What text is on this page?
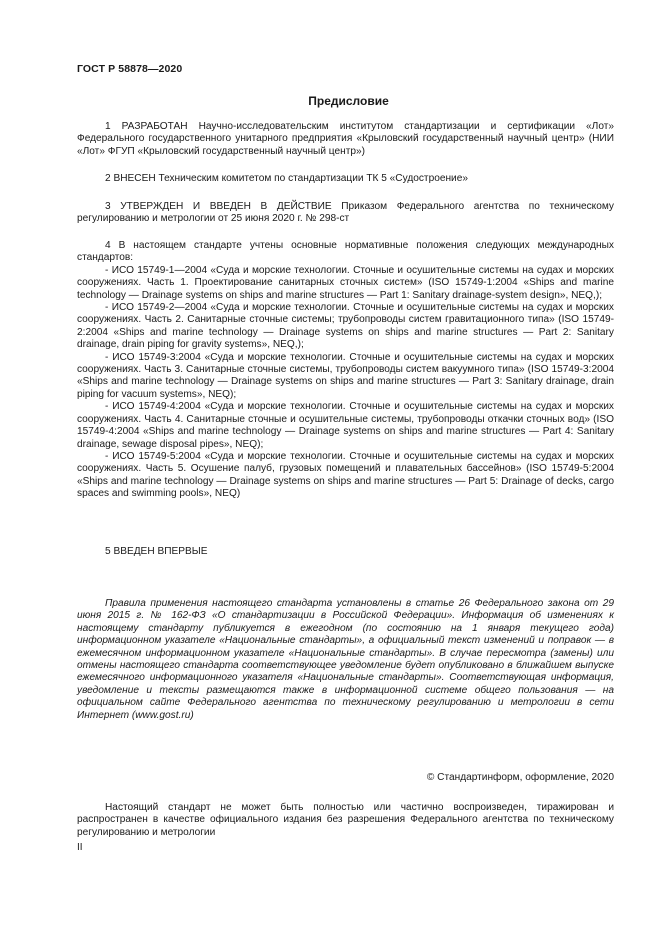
ГОСТ Р 58878—2020
Предисловие

1 РАЗРАБОТАН Научно-исследовательским институтом стандартизации и сертификации «Лот» Федерального государственного унитарного предприятия «Крыловский государственный научный центр» (НИИ «Лот» ФГУП «Крыловский государственный научный центр»)

2 ВНЕСЕН Техническим комитетом по стандартизации ТК 5 «Судостроение»

3 УТВЕРЖДЕН И ВВЕДЕН В ДЕЙСТВИЕ Приказом Федерального агентства по техническому регулированию и метрологии от 25 июня 2020 г. № 298-ст

4 В настоящем стандарте учтены основные нормативные положения следующих международных стандартов:

- ИСО 15749-1—2004 «Суда и морские технологии. Сточные и осушительные системы на судах и морских сооружениях. Часть 1. Проектирование санитарных сточных систем» (ISO 15749-1:2004 «Ships and marine technology — Drainage systems on ships and marine structures — Part 1: Sanitary drainage-system design», NEQ,);

- ИСО 15749-2—2004 «Суда и морские технологии. Сточные и осушительные системы на судах и морских сооружениях. Часть 2. Санитарные сточные системы; трубопроводы систем гравитационного типа» (ISO 15749-2:2004 «Ships and marine technology — Drainage systems on ships and marine structures — Part 2: Sanitary drainage, drain piping for gravity systems», NEQ,);

- ИСО 15749-3:2004 «Суда и морские технологии. Сточные и осушительные системы на судах и морских сооружениях. Часть 3. Санитарные сточные системы, трубопроводы систем вакуумного типа» (ISO 15749-3:2004 «Ships and marine technology — Drainage systems on ships and marine structures — Part 3: Sanitary drainage, drain piping for vacuum systems», NEQ);

- ИСО 15749-4:2004 «Суда и морские технологии. Сточные и осушительные системы на судах и морских сооружениях. Часть 4. Санитарные сточные и осушительные системы, трубопроводы откачки сточных вод» (ISO 15749-4:2004 «Ships and marine technology — Drainage systems on ships and marine structures — Part 4: Sanitary drainage, sewage disposal pipes», NEQ);

- ИСО 15749-5:2004 «Суда и морские технологии. Сточные и осушительные системы на судах и морских сооружениях. Часть 5. Осушение палуб, грузовых помещений и плавательных бассейнов» (ISO 15749-5:2004 «Ships and marine technology — Drainage systems on ships and marine structures — Part 5: Drainage of decks, cargo spaces and swimming pools», NEQ)

5 ВВЕДЕН ВПЕРВЫЕ

Правила применения настоящего стандарта установлены в статье 26 Федерального закона от 29 июня 2015 г. № 162-ФЗ «О стандартизации в Российской Федерации». Информация об изменениях к настоящему стандарту публикуется в ежегодном (по состоянию на 1 января текущего года) информационном указателе «Национальные стандарты», а официальный текст изменений и поправок — в ежемесячном информационном указателе «Национальные стандарты». В случае пересмотра (замены) или отмены настоящего стандарта соответствующее уведомление будет опубликовано в ближайшем выпуске ежемесячного информационного указателя «Национальные стандарты». Соответствующая информация, уведомление и тексты размещаются также в информационной системе общего пользования — на официальном сайте Федерального агентства по техническому регулированию и метрологии в сети Интернет (www.gost.ru)

© Стандартинформ, оформление, 2020

Настоящий стандарт не может быть полностью или частично воспроизведен, тиражирован и распространен в качестве официального издания без разрешения Федерального агентства по техническому регулированию и метрологии

II
